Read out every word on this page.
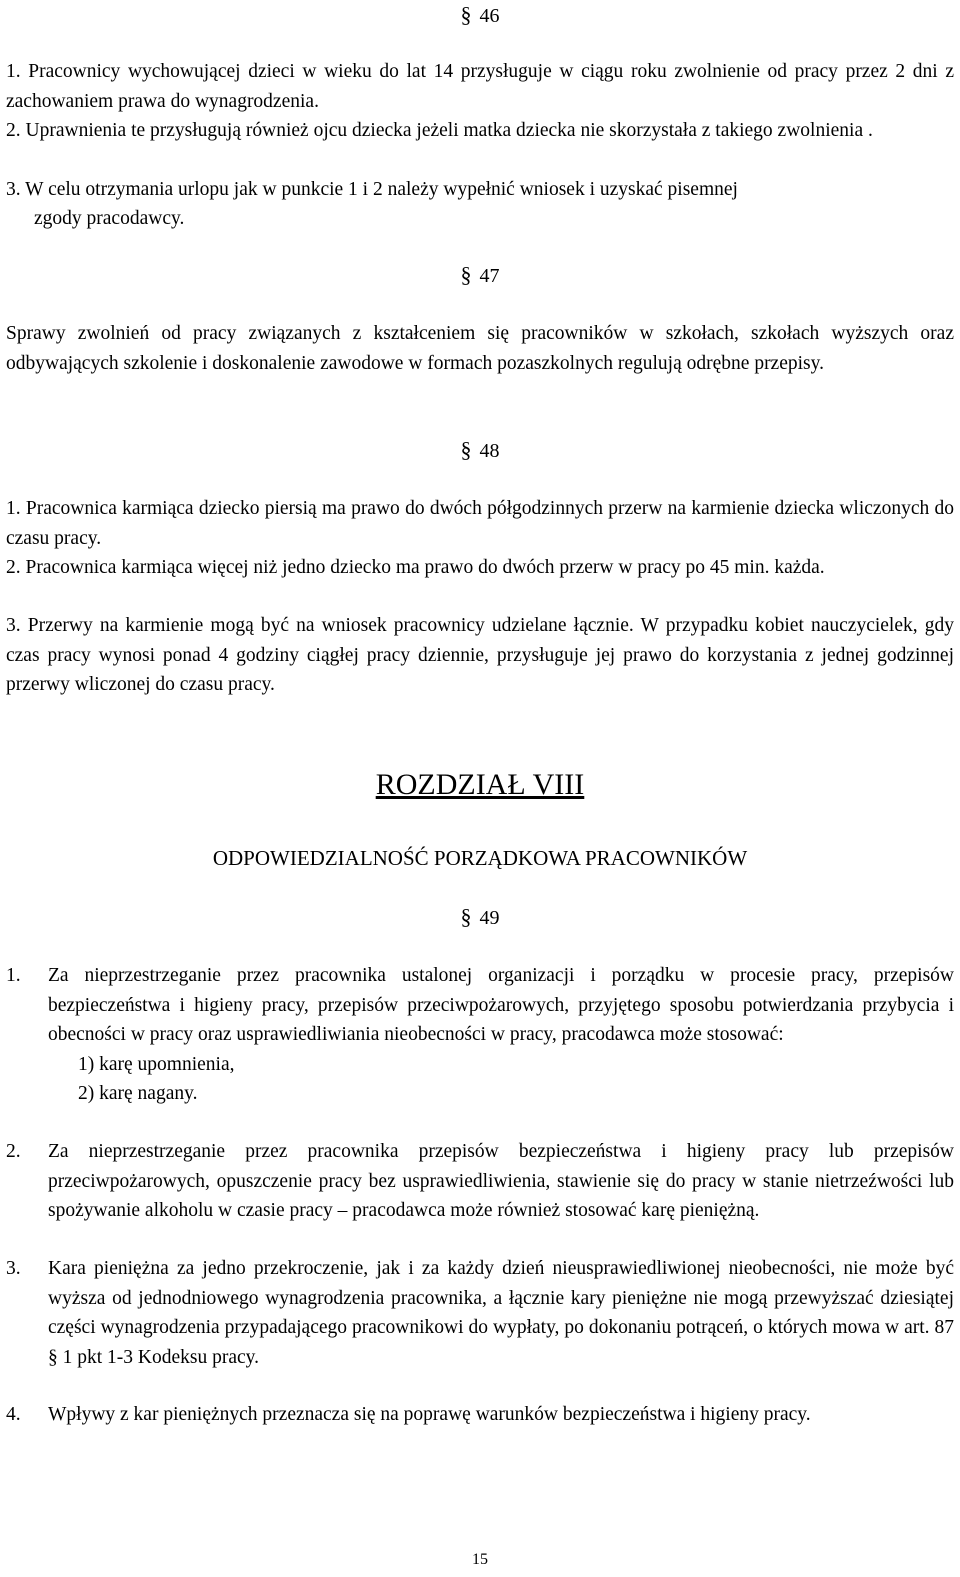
§ 46

1. Pracownicy wychowującej dzieci w wieku do lat 14 przysługuje w ciągu roku zwolnienie od pracy przez 2 dni z zachowaniem prawa do wynagrodzenia.

2. Uprawnienia te przysługują również ojcu dziecka jeżeli matka dziecka nie skorzystała z takiego zwolnienia .

3. W celu otrzymania urlopu jak w punkcie 1 i 2 należy wypełnić wniosek i uzyskać pisemnej

zgody pracodawcy.

§ 47

Sprawy zwolnień od pracy związanych z kształceniem się pracowników w szkołach, szkołach wyższych oraz odbywających szkolenie i doskonalenie zawodowe w formach pozaszkolnych regulują odrębne przepisy.

§ 48

1. Pracownica karmiąca dziecko piersią ma prawo do dwóch półgodzinnych przerw na karmienie dziecka wliczonych do czasu pracy.

2. Pracownica karmiąca więcej niż jedno dziecko ma prawo do dwóch przerw w pracy po 45 min. każda.

3. Przerwy na karmienie mogą być na wniosek pracownicy udzielane łącznie. W przypadku kobiet nauczycielek, gdy czas pracy wynosi ponad 4 godziny ciągłej pracy dziennie, przysługuje jej prawo do korzystania z jednej godzinnej przerwy wliczonej do czasu pracy.

ROZDZIAŁ VIII
ODPOWIEDZIALNOŚĆ PORZĄDKOWA PRACOWNIKÓW
§ 49
1.	Za nieprzestrzeganie przez pracownika ustalonej organizacji i porządku w procesie pracy, przepisów bezpieczeństwa i higieny pracy, przepisów przeciwpożarowych, przyjętego sposobu potwierdzania przybycia i obecności w pracy oraz usprawiedliwiania nieobecności w pracy, pracodawca może stosować:
1) karę upomnienia,
2) karę nagany.
2.	Za nieprzestrzeganie przez pracownika przepisów bezpieczeństwa i higieny pracy lub przepisów przeciwpożarowych, opuszczenie pracy bez usprawiedliwienia, stawienie się do pracy w stanie nietrzeźwości lub spożywanie alkoholu w czasie pracy – pracodawca może również stosować karę pieniężną.
3.	Kara pieniężna za jedno przekroczenie, jak i za każdy dzień nieusprawiedliwionej nieobecności, nie może być wyższa od jednodniowego wynagrodzenia pracownika, a łącznie kary pieniężne nie mogą przewyższać dziesiątej części wynagrodzenia przypadającego pracownikowi do wypłaty, po dokonaniu potrąceń, o których mowa w art. 87 § 1 pkt 1-3 Kodeksu pracy.
4.	Wpływy z kar pieniężnych przeznacza się na poprawę warunków bezpieczeństwa i higieny pracy.
15
